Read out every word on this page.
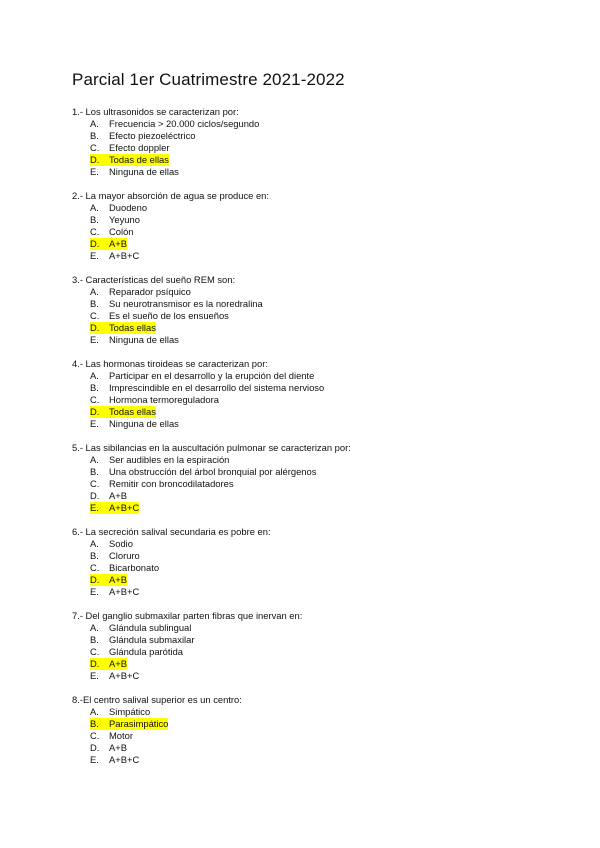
Parcial 1er Cuatrimestre 2021-2022
1.- Los ultrasonidos se caracterizan por:
A. Frecuencia > 20.000 ciclos/segundo
B. Efecto piezoeléctrico
C. Efecto doppler
D.	Todas de ellas
E. Ninguna de ellas
2.- La mayor absorción de agua se produce en:
A. Duodeno
B. Yeyuno
C. Colón
D.	A+B
E. A+B+C
3.- Características del sueño REM son:
A. Reparador psíquico
B. Su neurotransmisor es la noredralina
C. Es el sueño de los ensueños
D.	Todas ellas
E. Ninguna de ellas
4.- Las hormonas tiroideas se caracterizan por:
A. Participar en el desarrollo y la erupción del diente
B. Imprescindible en el desarrollo del sistema nervioso
C. Hormona termoreguladora
D.	Todas ellas
E. Ninguna de ellas
5.- Las sibilancias en la auscultación pulmonar se caracterizan por:
A. Ser audibles en la espiración
B. Una obstrucción del árbol bronquial por alérgenos
C. Remitir con broncodilatadores
D. A+B
E.	A+B+C
6.- La secreción salival secundaria es pobre en:
A. Sodio
B. Cloruro
C. Bicarbonato
D.	A+B
E. A+B+C
7.- Del ganglio submaxilar parten fibras que inervan en:
A. Glándula sublingual
B. Glándula submaxilar
C. Glándula parótida
D.	A+B
E. A+B+C
8.-El centro salival superior es un centro:
A. Simpático
B.	Parasimpático
C. Motor
D. A+B
E. A+B+C
